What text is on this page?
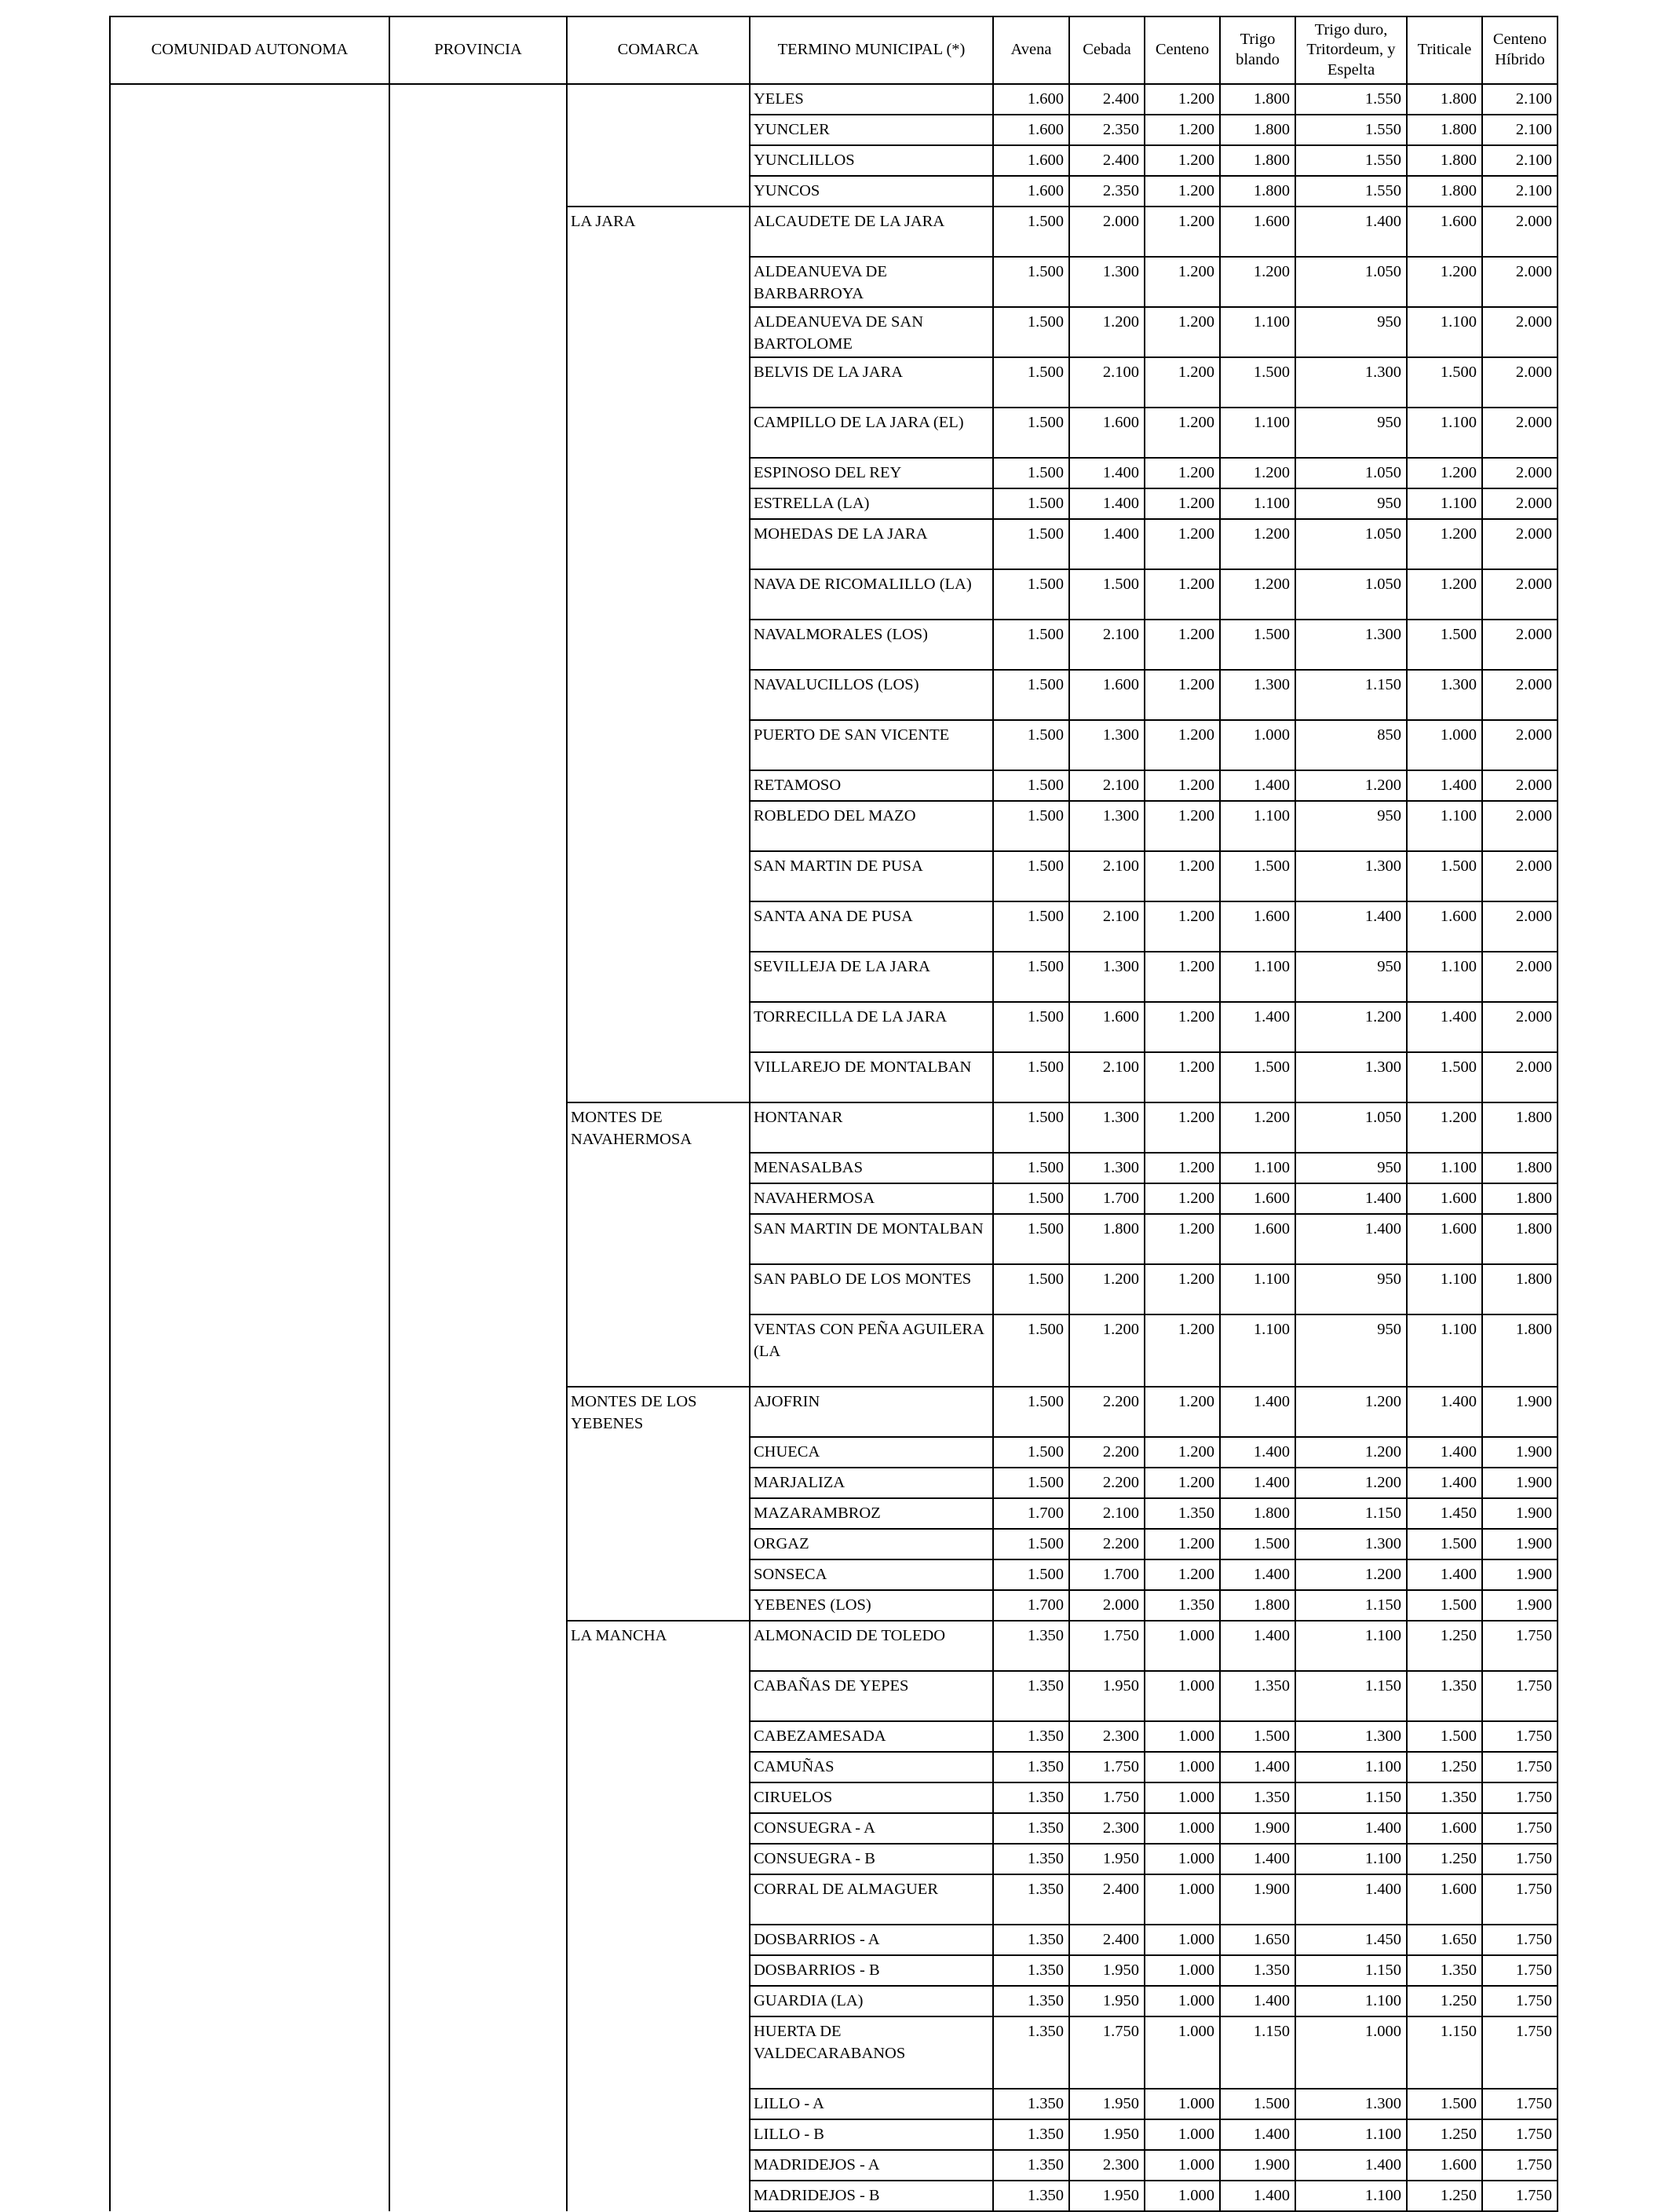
COMUNIDAD AUTONOMA	PROVINCIA	COMARCA	TERMINO MUNICIPAL (*)	Avena	Cebada	Centeno	Trigo blando	Trigo duro, Tritordeum, y Espelta	Triticale	Centeno Híbrido
			YELES	1.600	2.400	1.200	1.800	1.550	1.800	2.100
			YUNCLER	1.600	2.350	1.200	1.800	1.550	1.800	2.100
			YUNCLILLOS	1.600	2.400	1.200	1.800	1.550	1.800	2.100
			YUNCOS	1.600	2.350	1.200	1.800	1.550	1.800	2.100
		LA JARA	ALCAUDETE DE LA JARA	1.500	2.000	1.200	1.600	1.400	1.600	2.000
			ALDEANUEVA DE BARBARROYA	1.500	1.300	1.200	1.200	1.050	1.200	2.000
			ALDEANUEVA DE SAN BARTOLOME	1.500	1.200	1.200	1.100	950	1.100	2.000
			BELVIS DE LA JARA	1.500	2.100	1.200	1.500	1.300	1.500	2.000
			CAMPILLO DE LA JARA (EL)	1.500	1.600	1.200	1.100	950	1.100	2.000
			ESPINOSO DEL REY	1.500	1.400	1.200	1.200	1.050	1.200	2.000
			ESTRELLA (LA)	1.500	1.400	1.200	1.100	950	1.100	2.000
			MOHEDAS DE LA JARA	1.500	1.400	1.200	1.200	1.050	1.200	2.000
			NAVA DE RICOMALILLO (LA)	1.500	1.500	1.200	1.200	1.050	1.200	2.000
			NAVALMORALES (LOS)	1.500	2.100	1.200	1.500	1.300	1.500	2.000
			NAVALUCILLOS (LOS)	1.500	1.600	1.200	1.300	1.150	1.300	2.000
			PUERTO DE SAN VICENTE	1.500	1.300	1.200	1.000	850	1.000	2.000
			RETAMOSO	1.500	2.100	1.200	1.400	1.200	1.400	2.000
			ROBLEDO DEL MAZO	1.500	1.300	1.200	1.100	950	1.100	2.000
			SAN MARTIN DE PUSA	1.500	2.100	1.200	1.500	1.300	1.500	2.000
			SANTA ANA DE PUSA	1.500	2.100	1.200	1.600	1.400	1.600	2.000
			SEVILLEJA DE LA JARA	1.500	1.300	1.200	1.100	950	1.100	2.000
			TORRECILLA DE LA JARA	1.500	1.600	1.200	1.400	1.200	1.400	2.000
			VILLAREJO DE MONTALBAN	1.500	2.100	1.200	1.500	1.300	1.500	2.000
		MONTES DE NAVAHERMOSA	HONTANAR	1.500	1.300	1.200	1.200	1.050	1.200	1.800
			MENASALBAS	1.500	1.300	1.200	1.100	950	1.100	1.800
			NAVAHERMOSA	1.500	1.700	1.200	1.600	1.400	1.600	1.800
			SAN MARTIN DE MONTALBAN	1.500	1.800	1.200	1.600	1.400	1.600	1.800
			SAN PABLO DE LOS MONTES	1.500	1.200	1.200	1.100	950	1.100	1.800
			VENTAS CON PEÑA AGUILERA (LA	1.500	1.200	1.200	1.100	950	1.100	1.800
		MONTES DE LOS YEBENES	AJOFRIN	1.500	2.200	1.200	1.400	1.200	1.400	1.900
			CHUECA	1.500	2.200	1.200	1.400	1.200	1.400	1.900
			MARJALIZA	1.500	2.200	1.200	1.400	1.200	1.400	1.900
			MAZARAMBROZ	1.700	2.100	1.350	1.800	1.150	1.450	1.900
			ORGAZ	1.500	2.200	1.200	1.500	1.300	1.500	1.900
			SONSECA	1.500	1.700	1.200	1.400	1.200	1.400	1.900
			YEBENES (LOS)	1.700	2.000	1.350	1.800	1.150	1.500	1.900
		LA MANCHA	ALMONACID DE TOLEDO	1.350	1.750	1.000	1.400	1.100	1.250	1.750
			CABAÑAS DE YEPES	1.350	1.950	1.000	1.350	1.150	1.350	1.750
			CABEZAMESADA	1.350	2.300	1.000	1.500	1.300	1.500	1.750
			CAMUÑAS	1.350	1.750	1.000	1.400	1.100	1.250	1.750
			CIRUELOS	1.350	1.750	1.000	1.350	1.150	1.350	1.750
			CONSUEGRA - A	1.350	2.300	1.000	1.900	1.400	1.600	1.750
			CONSUEGRA - B	1.350	1.950	1.000	1.400	1.100	1.250	1.750
			CORRAL DE ALMAGUER	1.350	2.400	1.000	1.900	1.400	1.600	1.750
			DOSBARRIOS - A	1.350	2.400	1.000	1.650	1.450	1.650	1.750
			DOSBARRIOS - B	1.350	1.950	1.000	1.350	1.150	1.350	1.750
			GUARDIA (LA)	1.350	1.950	1.000	1.400	1.100	1.250	1.750
			HUERTA DE VALDECARABANOS	1.350	1.750	1.000	1.150	1.000	1.150	1.750
			LILLO - A	1.350	1.950	1.000	1.500	1.300	1.500	1.750
			LILLO - B	1.350	1.950	1.000	1.400	1.100	1.250	1.750
			MADRIDEJOS - A	1.350	2.300	1.000	1.900	1.400	1.600	1.750
			MADRIDEJOS - B	1.350	1.950	1.000	1.400	1.100	1.250	1.750
